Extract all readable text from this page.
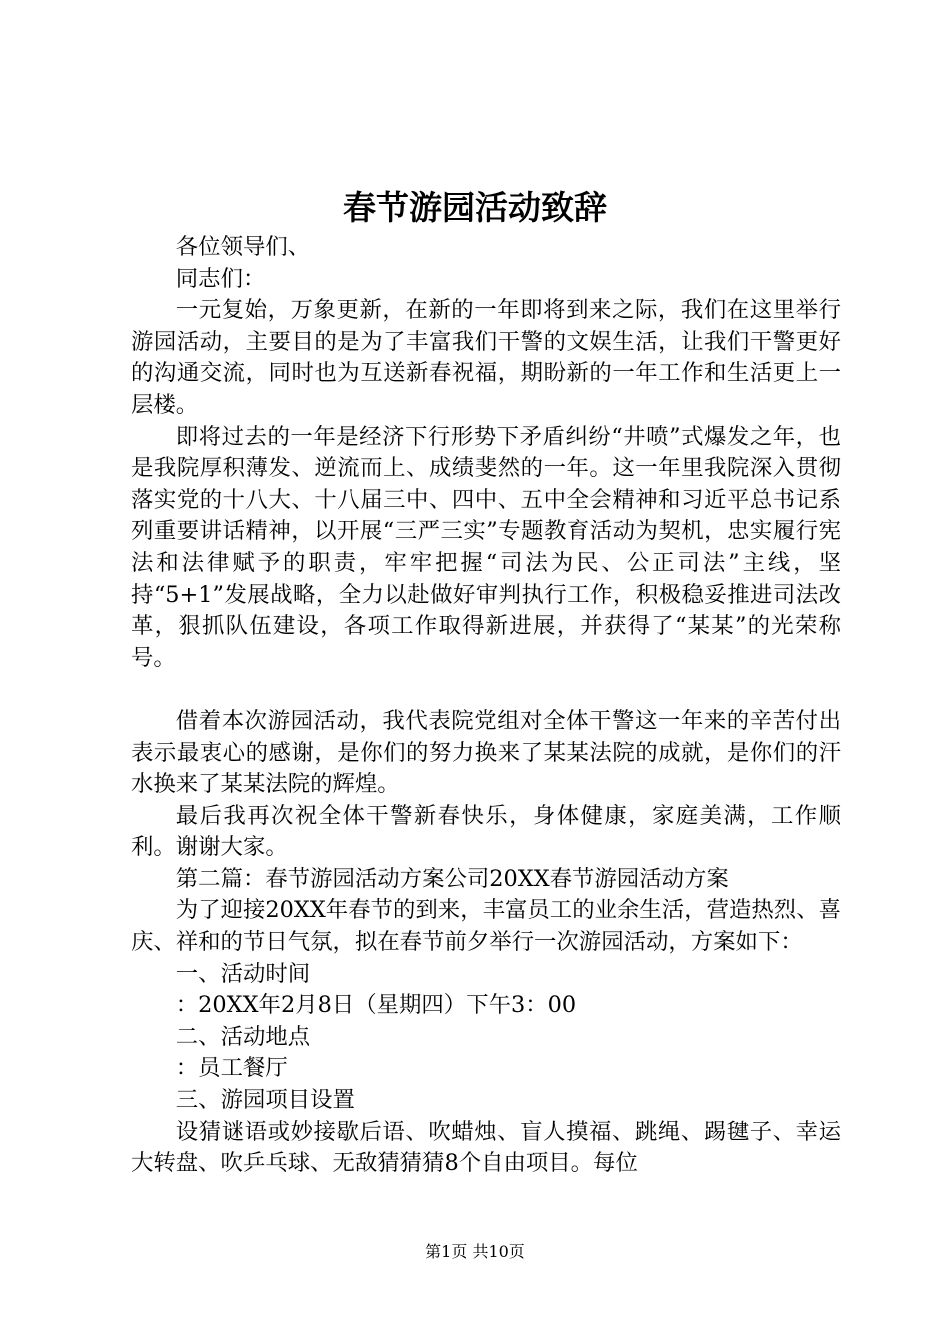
春节游园活动致辞

各位领导们、

同志们：

一元复始，万象更新，在新的一年即将到来之际，我们在这里举行游园活动，主要目的是为了丰富我们干警的文娱生活，让我们干警更好的沟通交流，同时也为互送新春祝福，期盼新的一年工作和生活更上一层楼。

即将过去的一年是经济下行形势下矛盾纠纷“井喷”式爆发之年，也是我院厚积薄发、逆流而上、成绩斐然的一年。这一年里我院深入贯彻落实党的十八大、十八届三中、四中、五中全会精神和习近平总书记系列重要讲话精神，以开展“三严三实”专题教育活动为契机，忠实履行宪法和法律赋予的职责，牢牢把握“司法为民、公正司法”主线，坚持“5+1”发展战略，全力以赴做好审判执行工作，积极稳妥推进司法改革，狠抓队伍建设，各项工作取得新进展，并获得了“某某”的光荣称号。

借着本次游园活动，我代表院党组对全体干警这一年来的辛苦付出表示最衷心的感谢，是你们的努力换来了某某法院的成就，是你们的汗水换来了某某法院的辉煌。

最后我再次祝全体干警新春快乐，身体健康，家庭美满，工作顺利。谢谢大家。

第二篇：春节游园活动方案公司20XX春节游园活动方案

为了迎接20XX年春节的到来，丰富员工的业余生活，营造热烈、喜庆、祥和的节日气氛，拟在春节前夕举行一次游园活动，方案如下：

一、活动时间

：20XX年2月8日（星期四）下午3：00

二、活动地点

：员工餐厅

三、游园项目设置

设猜谜语或妙接歇后语、吹蜡烛、盲人摸福、跳绳、踢毽子、幸运大转盘、吹乒乓球、无敌猜猜猜8个自由项目。每位

第1页 共10页
